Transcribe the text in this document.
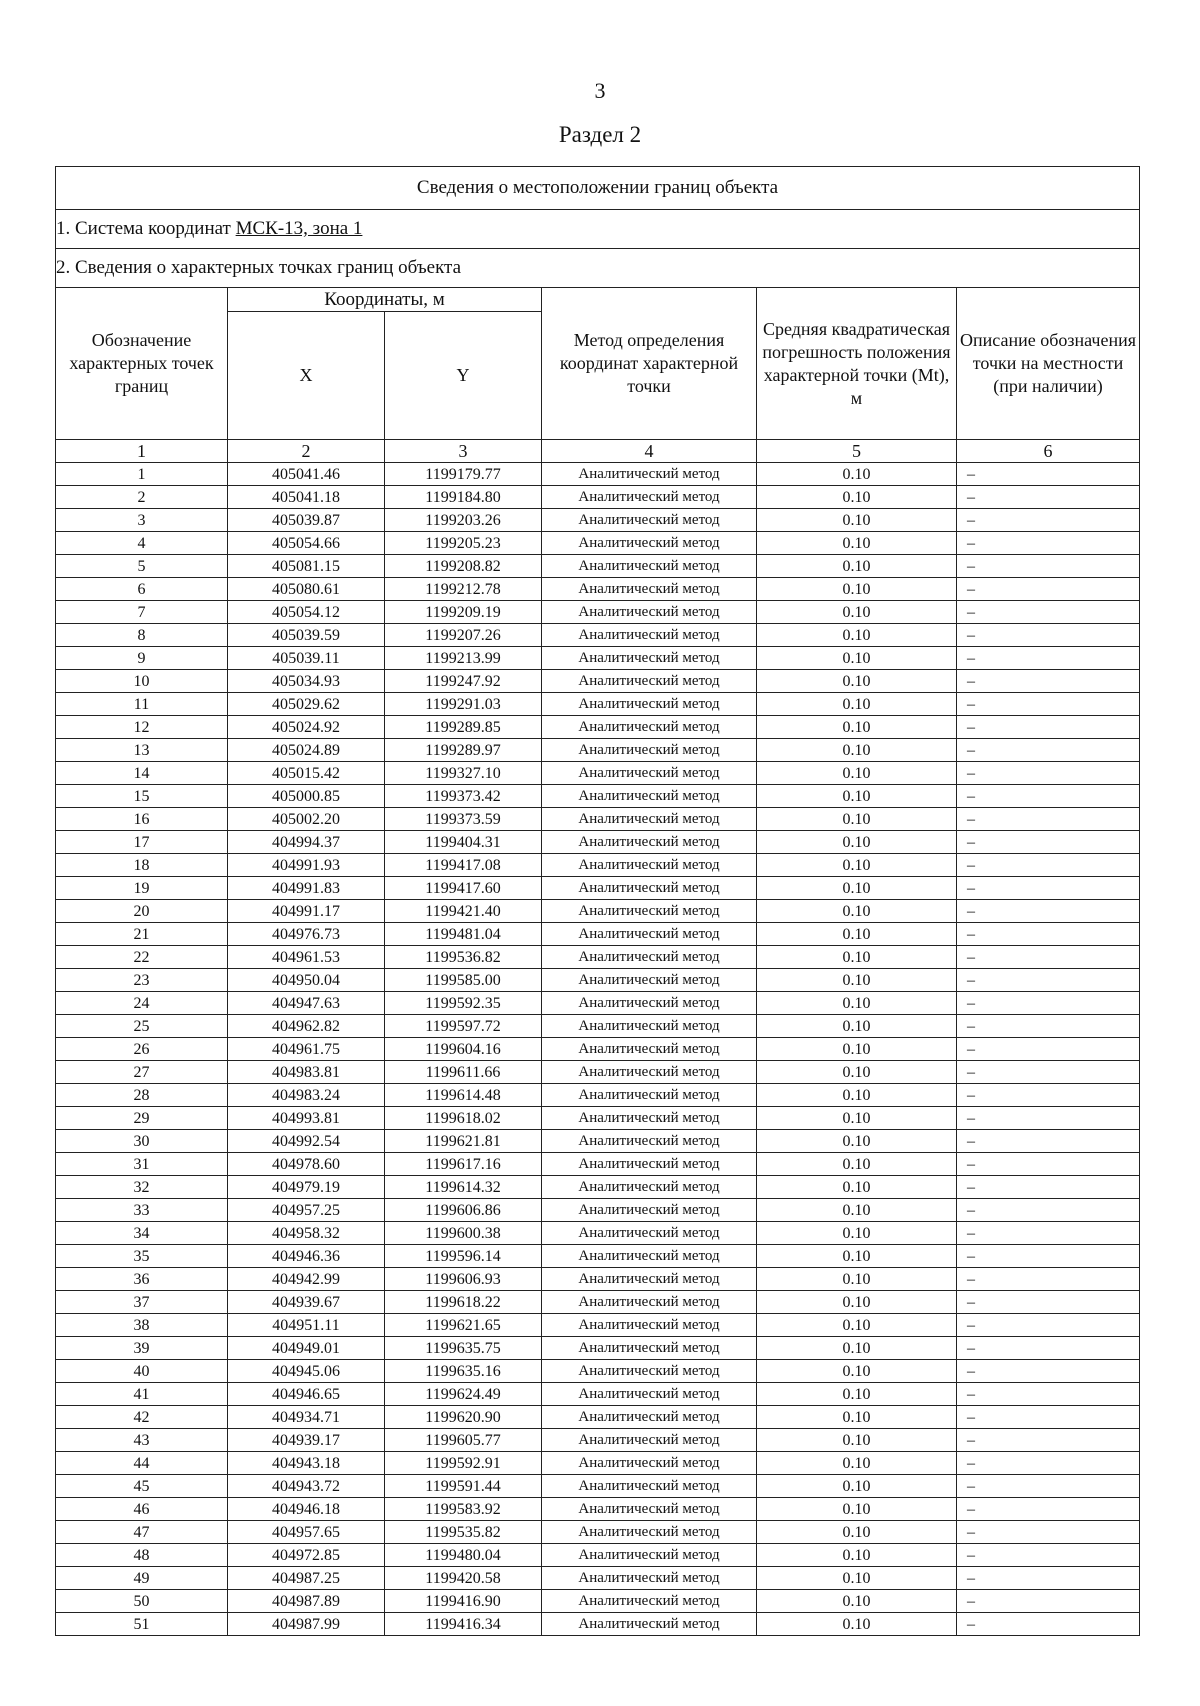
3
Раздел 2
Сведения о местоположении границ объекта					
1. Система координат МСК-13, зона 1					
2. Сведения о характерных точках границ объекта					
Обозначение характерных точек границ	Координаты, м		Метод определения координат характерной точки	Средняя квадратическая погрешность положения характерной точки (Mt), м	Описание обозначения точки на местности (при наличии)
	X	Y			
1	2	3	4	5	6
1	405041.46	1199179.77	Аналитический метод	0.10	–
2	405041.18	1199184.80	Аналитический метод	0.10	–
3	405039.87	1199203.26	Аналитический метод	0.10	–
4	405054.66	1199205.23	Аналитический метод	0.10	–
5	405081.15	1199208.82	Аналитический метод	0.10	–
6	405080.61	1199212.78	Аналитический метод	0.10	–
7	405054.12	1199209.19	Аналитический метод	0.10	–
8	405039.59	1199207.26	Аналитический метод	0.10	–
9	405039.11	1199213.99	Аналитический метод	0.10	–
10	405034.93	1199247.92	Аналитический метод	0.10	–
11	405029.62	1199291.03	Аналитический метод	0.10	–
12	405024.92	1199289.85	Аналитический метод	0.10	–
13	405024.89	1199289.97	Аналитический метод	0.10	–
14	405015.42	1199327.10	Аналитический метод	0.10	–
15	405000.85	1199373.42	Аналитический метод	0.10	–
16	405002.20	1199373.59	Аналитический метод	0.10	–
17	404994.37	1199404.31	Аналитический метод	0.10	–
18	404991.93	1199417.08	Аналитический метод	0.10	–
19	404991.83	1199417.60	Аналитический метод	0.10	–
20	404991.17	1199421.40	Аналитический метод	0.10	–
21	404976.73	1199481.04	Аналитический метод	0.10	–
22	404961.53	1199536.82	Аналитический метод	0.10	–
23	404950.04	1199585.00	Аналитический метод	0.10	–
24	404947.63	1199592.35	Аналитический метод	0.10	–
25	404962.82	1199597.72	Аналитический метод	0.10	–
26	404961.75	1199604.16	Аналитический метод	0.10	–
27	404983.81	1199611.66	Аналитический метод	0.10	–
28	404983.24	1199614.48	Аналитический метод	0.10	–
29	404993.81	1199618.02	Аналитический метод	0.10	–
30	404992.54	1199621.81	Аналитический метод	0.10	–
31	404978.60	1199617.16	Аналитический метод	0.10	–
32	404979.19	1199614.32	Аналитический метод	0.10	–
33	404957.25	1199606.86	Аналитический метод	0.10	–
34	404958.32	1199600.38	Аналитический метод	0.10	–
35	404946.36	1199596.14	Аналитический метод	0.10	–
36	404942.99	1199606.93	Аналитический метод	0.10	–
37	404939.67	1199618.22	Аналитический метод	0.10	–
38	404951.11	1199621.65	Аналитический метод	0.10	–
39	404949.01	1199635.75	Аналитический метод	0.10	–
40	404945.06	1199635.16	Аналитический метод	0.10	–
41	404946.65	1199624.49	Аналитический метод	0.10	–
42	404934.71	1199620.90	Аналитический метод	0.10	–
43	404939.17	1199605.77	Аналитический метод	0.10	–
44	404943.18	1199592.91	Аналитический метод	0.10	–
45	404943.72	1199591.44	Аналитический метод	0.10	–
46	404946.18	1199583.92	Аналитический метод	0.10	–
47	404957.65	1199535.82	Аналитический метод	0.10	–
48	404972.85	1199480.04	Аналитический метод	0.10	–
49	404987.25	1199420.58	Аналитический метод	0.10	–
50	404987.89	1199416.90	Аналитический метод	0.10	–
51	404987.99	1199416.34	Аналитический метод	0.10	–
